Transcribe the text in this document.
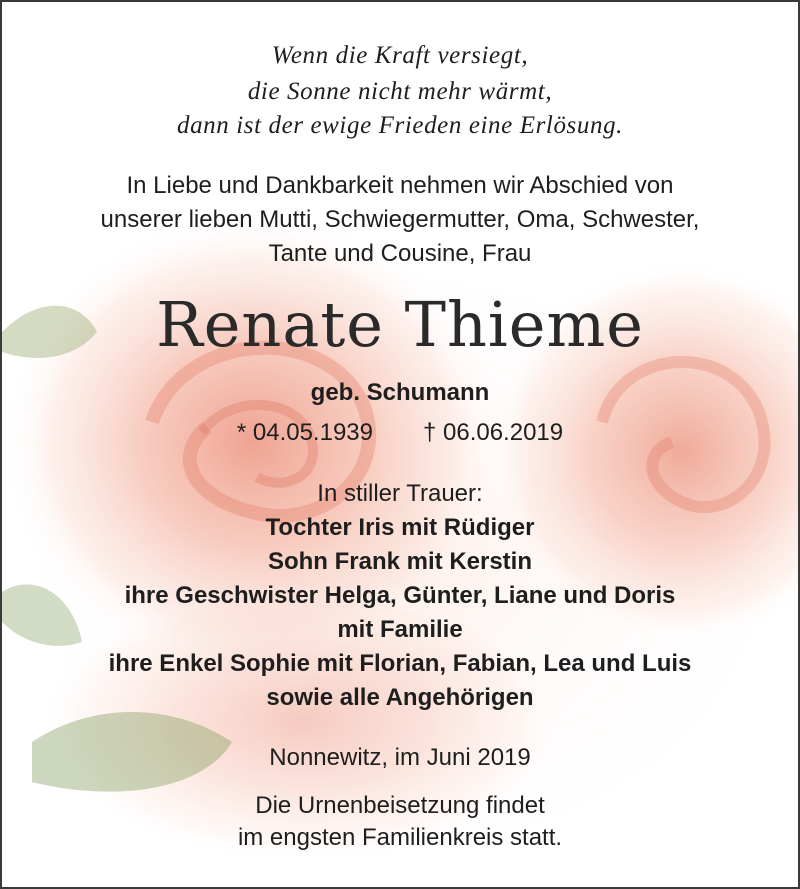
Wenn die Kraft versiegt,
die Sonne nicht mehr wärmt,
dann ist der ewige Frieden eine Erlösung.
In Liebe und Dankbarkeit nehmen wir Abschied von
unserer lieben Mutti, Schwiegermutter, Oma, Schwester,
Tante und Cousine, Frau
Renate Thieme
geb. Schumann
* 04.05.1939 † 06.06.2019
In stiller Trauer:
Tochter Iris mit Rüdiger
Sohn Frank mit Kerstin
ihre Geschwister Helga, Günter, Liane und Doris
mit Familie
ihre Enkel Sophie mit Florian, Fabian, Lea und Luis
sowie alle Angehörigen
Nonnewitz, im Juni 2019
Die Urnenbeisetzung findet
im engsten Familienkreis statt.
